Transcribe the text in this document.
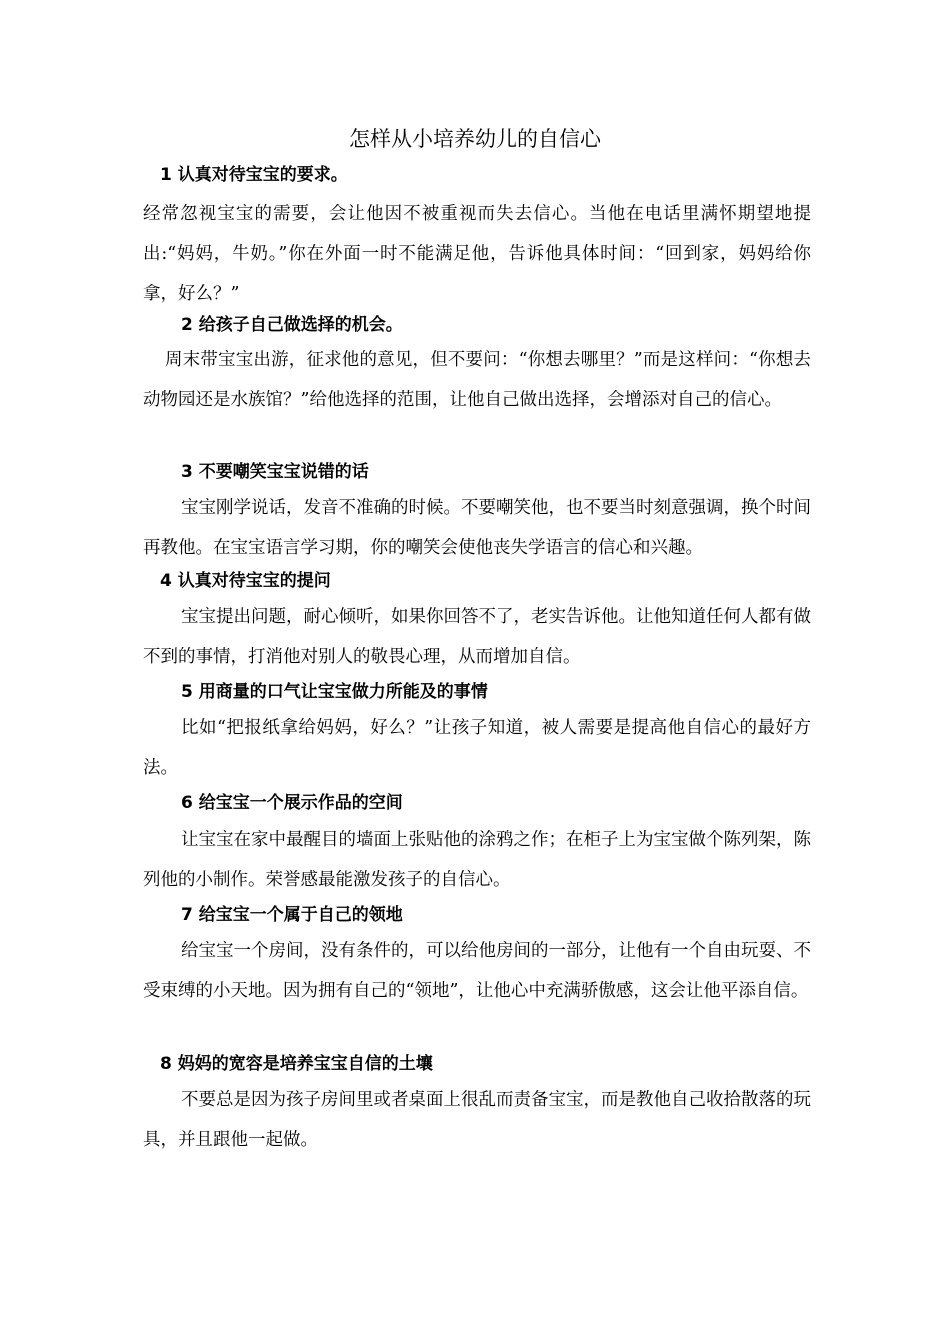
怎样从小培养幼儿的自信心
1 认真对待宝宝的要求。

经常忽视宝宝的需要，会让他因不被重视而失去信心。当他在电话里满怀期望地提出:“妈妈，牛奶。”你在外面一时不能满足他，告诉他具体时间：“回到家，妈妈给你拿，好么？”

2 给孩子自己做选择的机会。

周末带宝宝出游，征求他的意见，但不要问：“你想去哪里？”而是这样问：“你想去动物园还是水族馆？”给他选择的范围，让他自己做出选择，会增添对自己的信心。

3 不要嘲笑宝宝说错的话

宝宝刚学说话，发音不准确的时候。不要嘲笑他，也不要当时刻意强调，换个时间再教他。在宝宝语言学习期，你的嘲笑会使他丧失学语言的信心和兴趣。

4 认真对待宝宝的提问

宝宝提出问题，耐心倾听，如果你回答不了，老实告诉他。让他知道任何人都有做不到的事情，打消他对别人的敬畏心理，从而增加自信。

5 用商量的口气让宝宝做力所能及的事情

比如“把报纸拿给妈妈，好么？”让孩子知道，被人需要是提高他自信心的最好方法。

6 给宝宝一个展示作品的空间

让宝宝在家中最醒目的墙面上张贴他的涂鸦之作；在柜子上为宝宝做个陈列架，陈列他的小制作。荣誉感最能激发孩子的自信心。

7 给宝宝一个属于自己的领地

给宝宝一个房间，没有条件的，可以给他房间的一部分，让他有一个自由玩耍、不受束缚的小天地。因为拥有自己的“领地”，让他心中充满骄傲感，这会让他平添自信。

8 妈妈的宽容是培养宝宝自信的土壤

不要总是因为孩子房间里或者桌面上很乱而责备宝宝，而是教他自己收拾散落的玩具，并且跟他一起做。
